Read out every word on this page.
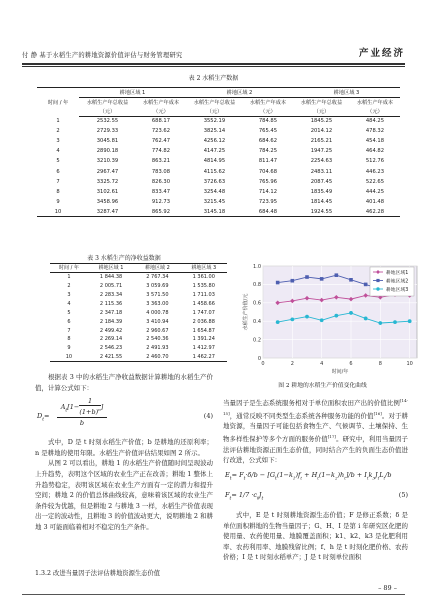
付 静 基于水稻生产的耕地资源价值评估与财务管理研究	产业经济
表 2 水稻生产数据
时间 / 年	耕地区域 1		耕地区域 2		耕地区域 3	
	水稻生产年总收益	水稻生产年成本	水稻生产年总收益	水稻生产年成本	水稻生产年总收益	水稻生产年成本
	（元）	（元）	（元）	（元）	（元）	（元）
1	2532.55	688.17	3552.19	784.85	1845.25	484.25
2	2729.33	723.62	3825.14	765.45	2014.12	478.32
3	3045.81	762.47	4256.12	684.62	2165.21	454.18
4	2890.18	774.82	4147.25	784.25	1947.25	464.82
5	3210.39	863.21	4814.95	811.47	2254.63	512.76
6	2967.47	783.08	4115.62	704.68	2483.11	446.23
7	3325.72	826.30	3726.63	765.96	2087.45	522.65
8	3102.61	833.47	3254.48	714.12	1835.49	444.25
9	3458.96	912.73	3215.45	723.95	1814.45	401.48
10	3287.47	865.92	3145.18	684.48	1924.55	462.28
表 3 水稻生产的净收益数据
时间 / 年	耕地区域 1	耕地区域 2	耕地区域 3
1	1 844.38	2 767.34	1 361.00
2	2 005.71	3 059.69	1 535.80
3	2 283.34	3 571.50	1 711.03
4	2 115.36	3 363.00	1 458.66
5	2 347.18	4 000.78	1 747.07
6	2 184.39	3 410.94	2 036.88
7	2 499.42	2 960.67	1 654.87
8	2 269.14	2 540.36	1 391.24
9	2 546.23	2 491.93	1 412.97
10	2 421.55	2 460.70	1 462.27	0
0.2
0.4
0.6
0.8
1.0
0	2	4	6	8	10
时间/年
水稻生产价值/元
耕地区域1
耕地区域2
耕地区域3
图 2 耕地的水稻生产价值变化曲线
根据表 3 中的水稻生产净收益数据计算耕地的水稻生产价值，计算公式如下：
$D_t=$
$A_t[1- \frac{1}{(1+b)^n}$ ]
b
(4)
式中，D 是 t 时刻水稻生产价值；b 是耕地的还原利率；n 是耕地的使用年限。水稻生产价值评估结果如图 2 所示。
从图 2 可以看出，耕地 1 的水稻生产价值随时间呈现波动上升趋势，表明这个区域的农业生产正在改善；耕地 1 整体上升趋势稳定，表明该区域在农业生产方面有一定的潜力和提升空间；耕地 2 的价值总体曲线较高，意味着该区域的农业生产条件较为优越，但是耕地 2 与耕地 3 一样，水稻生产价值表现出一定的波动性，且耕地 3 的价值波动更大，说明耕地 2 和耕地 3 可能面临着相对不稳定的生产条件。
1.3.2 改进当量因子法评估耕地资源生态价值
当量因子是生态系统服务相对于单位面积农田产出的价值比例[14-15]，通常反映不同类型生态系统各种服务功能的价值[16]。对于耕地资源，当量因子可能包括食物生产、气候调节、土壤保持、生物多样性保护等多个方面的服务价值[17]。研究中，利用当量因子法评估耕地资源正面生态价值，同时结合产生的负面生态价值进行改进，公式如下：
$E_t= F_t\cdot\delta/b - [G_t(1-k_1)f_t + H_t(1-k_2)h_t]/b + I_tk_3J_tL_t/b$
$F_t= 1/7 \cdot c_tJ_t$	(5)
式中，E 是 t 时刻耕地资源生态价值；F 是修正系数；δ 是单位面积耕地的生物当量因子；G、H、I 是第 i 年研究区化肥的使用量、农药使用量、地膜覆盖面积；k1、k2、k3 是化肥利用率、农药利用率、地膜残留比例；f、h 是 t 时刻化肥价格、农药价格；I 是 t 时刻水稻单产；J 是 t 时刻单位面积
– 89 –
